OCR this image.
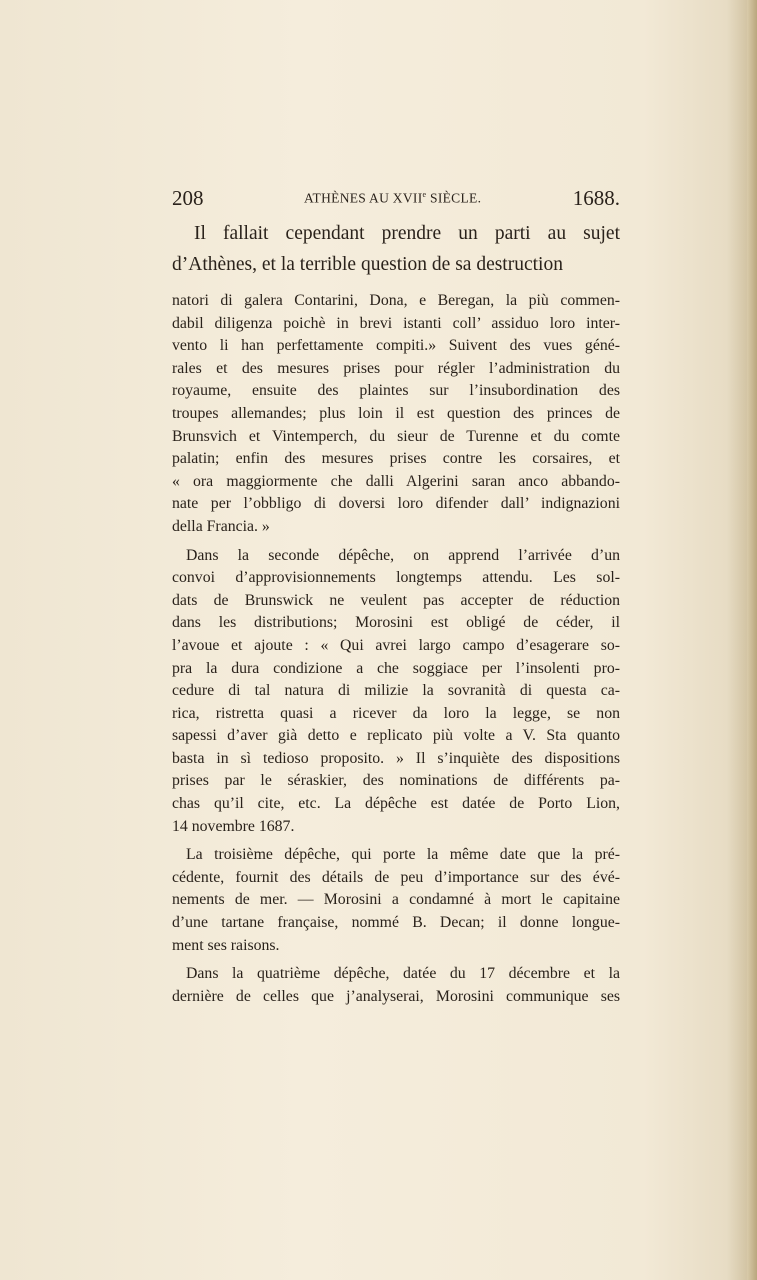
208	ATHÈNES AU XVIIe SIÈCLE.	1688.
Il fallait cependant prendre un parti au sujet
d’Athènes, et la terrible question de sa destruction
natori di galera Contarini, Dona, e Beregan, la più commen-
dabil diligenza poichè in brevi istanti coll’ assiduo loro inter-
vento li han perfettamente compiti.» Suivent des vues géné-
rales et des mesures prises pour régler l’administration du
royaume, ensuite des plaintes sur l’insubordination des
troupes allemandes; plus loin il est question des princes de
Brunsvich et Vintemperch, du sieur de Turenne et du comte
palatin; enfin des mesures prises contre les corsaires, et
« ora maggiormente che dalli Algerini saran anco abbando-
nate per l’obbligo di doversi loro difender dall’ indignazioni
della Francia. »
Dans la seconde dépêche, on apprend l’arrivée d’un
convoi d’approvisionnements longtemps attendu. Les sol-
dats de Brunswick ne veulent pas accepter de réduction
dans les distributions; Morosini est obligé de céder, il
l’avoue et ajoute : « Qui avrei largo campo d’esagerare so-
pra la dura condizione a che soggiace per l’insolenti pro-
cedure di tal natura di milizie la sovranità di questa ca-
rica, ristretta quasi a ricever da loro la legge, se non
sapessi d’aver già detto e replicato più volte a V. Sta quanto
basta in sì tedioso proposito. » Il s’inquiète des dispositions
prises par le séraskier, des nominations de différents pa-
chas qu’il cite, etc. La dépêche est datée de Porto Lion,
14 novembre 1687.
La troisième dépêche, qui porte la même date que la pré-
cédente, fournit des détails de peu d’importance sur des évé-
nements de mer. — Morosini a condamné à mort le capitaine
d’une tartane française, nommé B. Decan; il donne longue-
ment ses raisons.
Dans la quatrième dépêche, datée du 17 décembre et la
dernière de celles que j’analyserai, Morosini communique ses
